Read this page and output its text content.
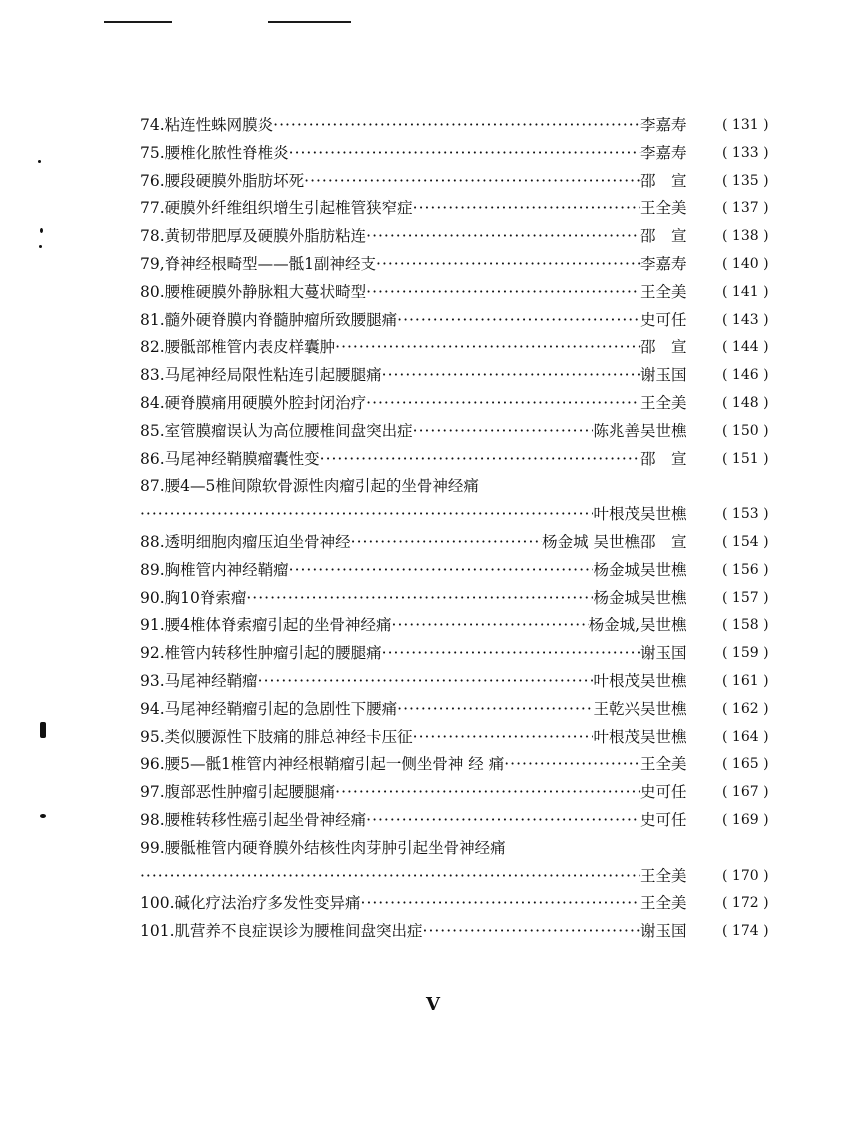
74.粘连性蛛网膜炎 ·····	李嘉寿	( 131 )
75.腰椎化脓性脊椎炎 ·····	李嘉寿	( 133 )
76.腰段硬膜外脂肪坏死 ·····	邵　宣	( 135 )
77.硬膜外纤维组织增生引起椎管狭窄症 ·····	王全美	( 137 )
78.黄韧带肥厚及硬膜外脂肪粘连 ·····	邵　宣	( 138 )
79,脊神经根畸型——骶1副神经支 ·····	李嘉寿	( 140 )
80.腰椎硬膜外静脉粗大蔓状畸型 ·····	王全美	( 141 )
81.髓外硬脊膜内脊髓肿瘤所致腰腿痛 ·····	史可任	( 143 )
82.腰骶部椎管内表皮样囊肿 ·····	邵　宣	( 144 )
83.马尾神经局限性粘连引起腰腿痛 ·····	谢玉国	( 146 )
84.硬脊膜痛用硬膜外腔封闭治疗 ·····	王全美	( 148 )
85.室管膜瘤误认为高位腰椎间盘突出症 ·····	陈兆善 吴世樵	( 150 )
86.马尾神经鞘膜瘤囊性变 ·····	邵　宣	( 151 )
87.腰4—5椎间隙软骨源性肉瘤引起的坐骨神经痛
·····
叶根茂 吴世樵	( 153 )
88.透明细胞肉瘤压迫坐骨神经 ·····	杨金城 吴世樵 邵　宣	( 154 )
89.胸椎管内神经鞘瘤 ·····	杨金城 吴世樵	( 156 )
90.胸10脊索瘤 ·····	杨金城 吴世樵	( 157 )
91.腰4椎体脊索瘤引起的坐骨神经痛 ·····	杨金城, 吴世樵	( 158 )
92.椎管内转移性肿瘤引起的腰腿痛 ·····	谢玉国	( 159 )
93.马尾神经鞘瘤 ·····	叶根茂 吴世樵	( 161 )
94.马尾神经鞘瘤引起的急剧性下腰痛 ·····	王乾兴 吴世樵	( 162 )
95.类似腰源性下肢痛的腓总神经卡压征 ·····	叶根茂 吴世樵	( 164 )
96.腰5—骶1椎管内神经根鞘瘤引起一侧坐骨神 经 痛 ·····	王全美	( 165 )
97.腹部恶性肿瘤引起腰腿痛 ·····	史可任	( 167 )
98.腰椎转移性癌引起坐骨神经痛 ·····	史可任	( 169 )
99.腰骶椎管内硬脊膜外结核性肉芽肿引起坐骨神经痛
·····
王全美	( 170 )
100.碱化疗法治疗多发性变异痛 ·····	王全美	( 172 )
101.肌营养不良症误诊为腰椎间盘突出症 ·····	谢玉国	( 174 )
V
